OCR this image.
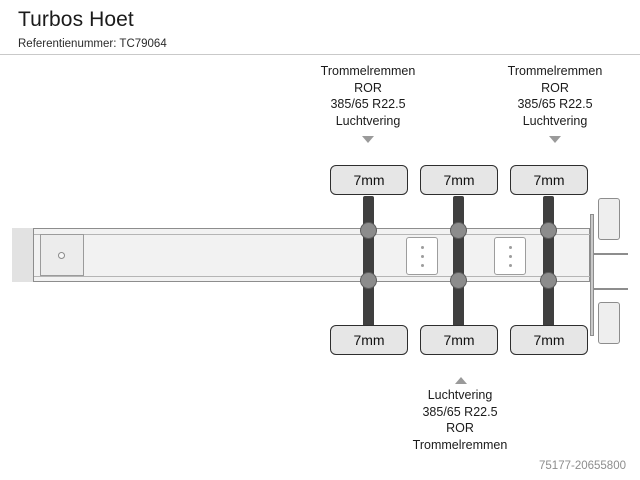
Turbos Hoet
Referentienummer: TC79064
Trommelremmen
ROR
385/65 R22.5
Luchtvering
Trommelremmen
ROR
385/65 R22.5
Luchtvering
Luchtvering
385/65 R22.5
ROR
Trommelremmen
7mm	7mm	7mm
7mm	7mm	7mm
75177-20655800
